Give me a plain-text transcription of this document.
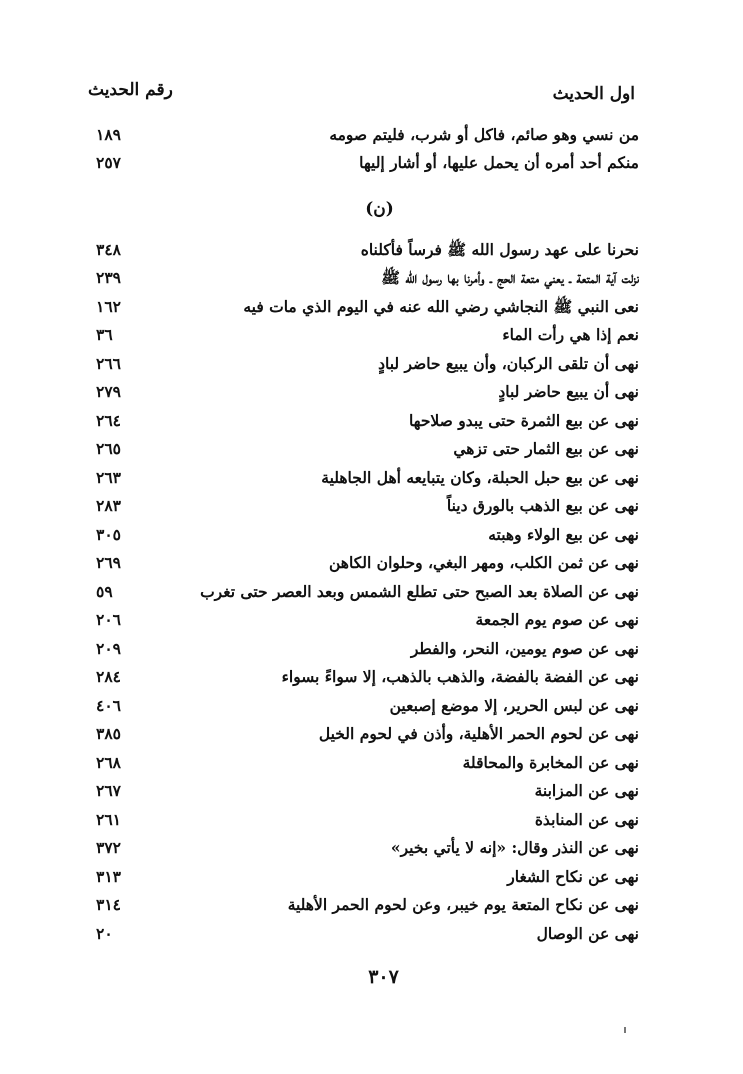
اول الحديث
رقم الحديث
من نسي وهو صائم، فاكل أو شرب، فليتم صومه
١٨٩
منكم أحد أمره أن يحمل عليها، أو أشار إليها
٢٥٧
(ن)
نحرنا على عهد رسول الله ﷺ فرساً فأكلناه
٣٤٨
نزلت آية المتعة ـ يعني متعة الحج ـ وأمرنا بها رسول الله ﷺ
٢٣٩
نعى النبي ﷺ النجاشي رضي الله عنه في اليوم الذي مات فيه
١٦٢
نعم إذا هي رأت الماء
٣٦
نهى أن تلقى الركبان، وأن يبيع حاضر لبادٍ
٢٦٦
نهى أن يبيع حاضر لبادٍ
٢٧٩
نهى عن بيع الثمرة حتى يبدو صلاحها
٢٦٤
نهى عن بيع الثمار حتى تزهي
٢٦٥
نهى عن بيع حبل الحبلة، وكان يتبايعه أهل الجاهلية
٢٦٣
نهى عن بيع الذهب بالورق ديناً
٢٨٣
نهى عن بيع الولاء وهبته
٣٠٥
نهى عن ثمن الكلب، ومهر البغي، وحلوان الكاهن
٢٦٩
نهى عن الصلاة بعد الصبح حتى تطلع الشمس وبعد العصر حتى تغرب
٥٩
نهى عن صوم يوم الجمعة
٢٠٦
نهى عن صوم يومين، النحر، والفطر
٢٠٩
نهى عن الفضة بالفضة، والذهب بالذهب، إلا سواءً بسواء
٢٨٤
نهى عن لبس الحرير، إلا موضع إصبعين
٤٠٦
نهى عن لحوم الحمر الأهلية، وأذن في لحوم الخيل
٣٨٥
نهى عن المخابرة والمحاقلة
٢٦٨
نهى عن المزابنة
٢٦٧
نهى عن المنابذة
٢٦١
نهى عن النذر وقال: «إنه لا يأتي بخير»
٣٧٢
نهى عن نكاح الشغار
٣١٣
نهى عن نكاح المتعة يوم خيبر، وعن لحوم الحمر الأهلية
٣١٤
نهى عن الوصال
٢٠
٣٠٧
